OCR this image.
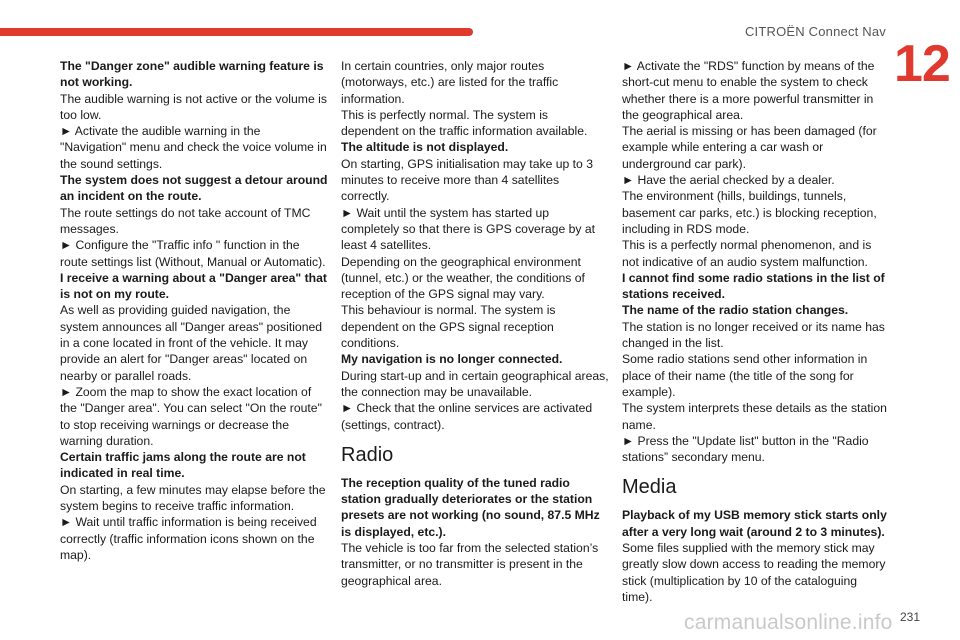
CITROËN Connect Nav
12

The "Danger zone" audible warning feature is not working.

The audible warning is not active or the volume is too low.

► Activate the audible warning in the "Navigation" menu and check the voice volume in the sound settings.

The system does not suggest a detour around an incident on the route.

The route settings do not take account of TMC messages.

► Configure the "Traffic info " function in the route settings list (Without, Manual or Automatic).

I receive a warning about a "Danger area" that is not on my route.

As well as providing guided navigation, the system announces all "Danger areas" positioned in a cone located in front of the vehicle. It may provide an alert for "Danger areas" located on nearby or parallel roads.

► Zoom the map to show the exact location of the "Danger area". You can select "On the route" to stop receiving warnings or decrease the warning duration.

Certain traffic jams along the route are not indicated in real time.

On starting, a few minutes may elapse before the system begins to receive traffic information.

► Wait until traffic information is being received correctly (traffic information icons shown on the map).

In certain countries, only major routes (motorways, etc.) are listed for the traffic information.

This is perfectly normal. The system is dependent on the traffic information available.

The altitude is not displayed.

On starting, GPS initialisation may take up to 3 minutes to receive more than 4 satellites correctly.

► Wait until the system has started up completely so that there is GPS coverage by at least 4 satellites.

Depending on the geographical environment (tunnel, etc.) or the weather, the conditions of reception of the GPS signal may vary.

This behaviour is normal. The system is dependent on the GPS signal reception conditions.

My navigation is no longer connected.

During start-up and in certain geographical areas, the connection may be unavailable.

► Check that the online services are activated (settings, contract).

Radio

The reception quality of the tuned radio station gradually deteriorates or the station presets are not working (no sound, 87.5 MHz is displayed, etc.).

The vehicle is too far from the selected station’s transmitter, or no transmitter is present in the geographical area.

► Activate the "RDS" function by means of the short-cut menu to enable the system to check whether there is a more powerful transmitter in the geographical area.

The aerial is missing or has been damaged (for example while entering a car wash or underground car park).

► Have the aerial checked by a dealer.

The environment (hills, buildings, tunnels, basement car parks, etc.) is blocking reception, including in RDS mode.

This is a perfectly normal phenomenon, and is not indicative of an audio system malfunction.

I cannot find some radio stations in the list of stations received.

The name of the radio station changes.

The station is no longer received or its name has changed in the list.

Some radio stations send other information in place of their name (the title of the song for example).

The system interprets these details as the station name.

► Press the "Update list" button in the "Radio stations” secondary menu.

Media

Playback of my USB memory stick starts only after a very long wait (around 2 to 3 minutes).

Some files supplied with the memory stick may greatly slow down access to reading the memory stick (multiplication by 10 of the cataloguing time).

carmanualsonline.info 231
